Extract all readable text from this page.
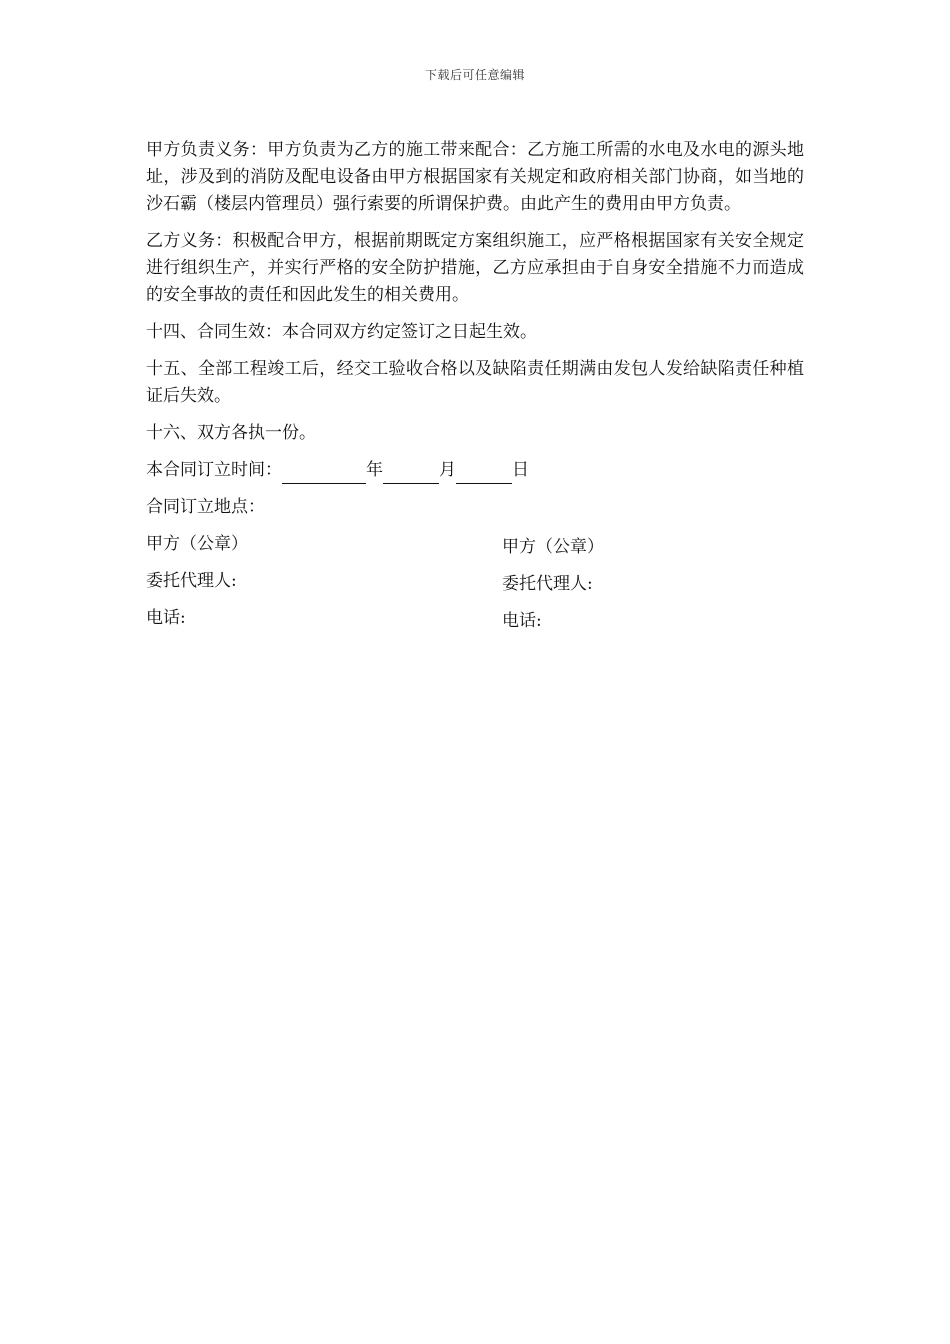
下载后可任意编辑

甲方负责义务：甲方负责为乙方的施工带来配合：乙方施工所需的水电及水电的源头地址，涉及到的消防及配电设备由甲方根据国家有关规定和政府相关部门协商，如当地的沙石霸（楼层内管理员）强行索要的所谓保护费。由此产生的费用由甲方负责。

乙方义务：积极配合甲方，根据前期既定方案组织施工，应严格根据国家有关安全规定进行组织生产，并实行严格的安全防护措施，乙方应承担由于自身安全措施不力而造成的安全事故的责任和因此发生的相关费用。

十四、合同生效：本合同双方约定签订之日起生效。

十五、全部工程竣工后，经交工验收合格以及缺陷责任期满由发包人发给缺陷责任种植证后失效。

十六、双方各执一份。

本合同订立时间：	年	月	日

合同订立地点：

甲方（公章）	甲方（公章）
委托代理人:	委托代理人:
电话:	电话:
